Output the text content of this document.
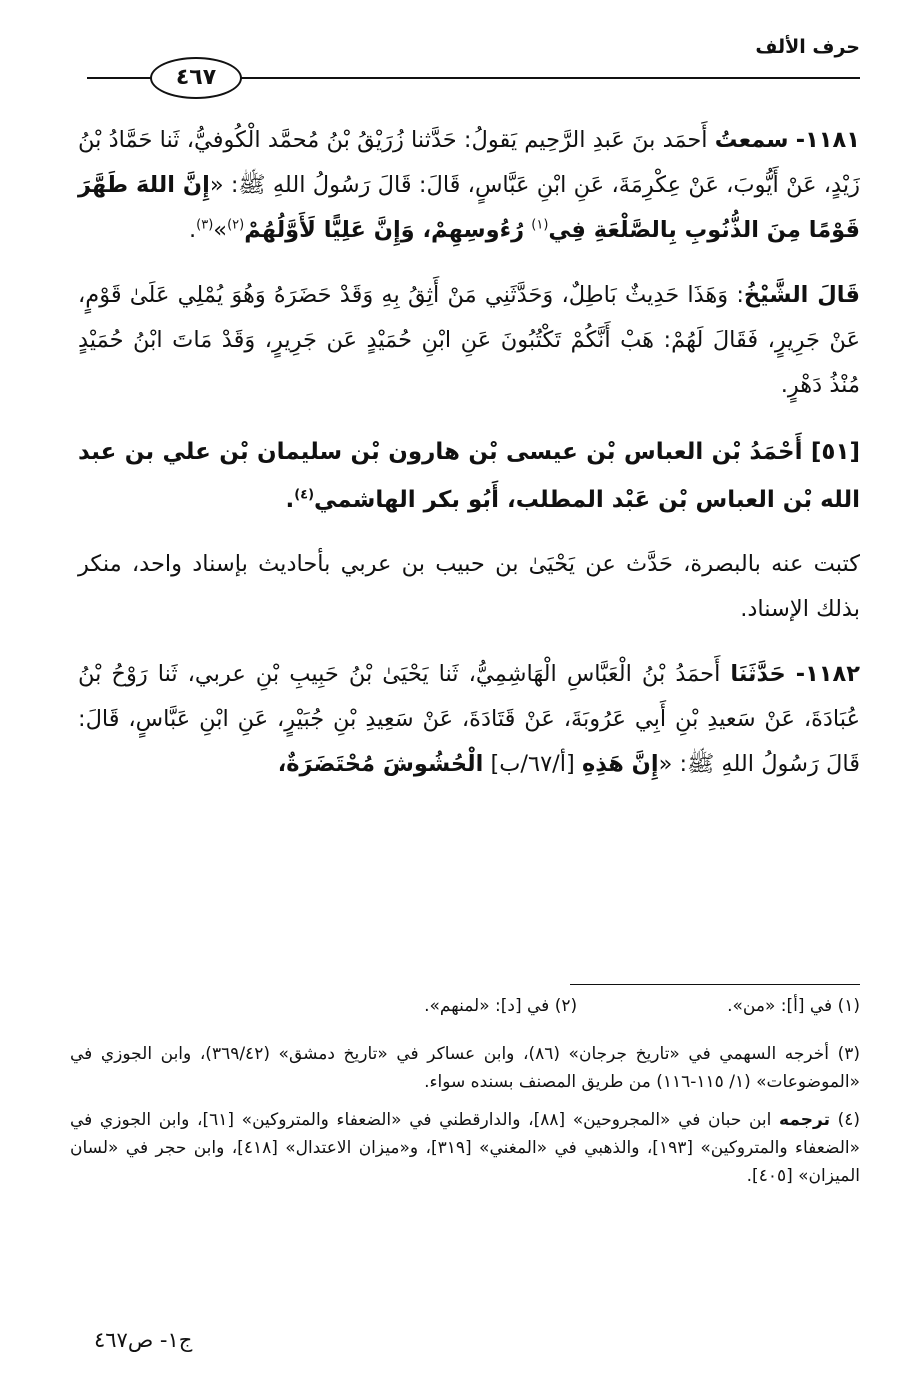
حرف الألف
٤٦٧

١١٨١- سمعتُ أَحمَد بنَ عَبدِ الرَّحِيم يَقولُ: حَدَّثنا زُرَيْقُ بْنُ مُحمَّد الْكُوفيُّ، ثَنا حَمَّادُ بْنُ زَيْدٍ، عَنْ أَيُّوبَ، عَنْ عِكْرِمَةَ، عَنِ ابْنِ عَبَّاسٍ، قَالَ: قَالَ رَسُولُ اللهِ ﷺ: «إِنَّ اللهَ طَهَّرَ قَوْمًا مِنَ الذُّنُوبِ بِالصَّلْعَةِ فِي$^{(١)}$ رُءُوسِهِمْ، وَإِنَّ عَلِيًّا لَأَوَّلُهُمْ$^{(٢)}$»$^{(٣)}$.

قَالَ الشَّيْخُ: وَهَذَا حَدِيثٌ بَاطِلٌ، وَحَدَّثَنِي مَنْ أَثِقُ بِهِ وَقَدْ حَضَرَهُ وَهُوَ يُمْلِي عَلَىٰ قَوْمٍ، عَنْ جَرِيرٍ، فَقَالَ لَهُمْ: هَبْ أَنَّكُمْ تَكْتُبُونَ عَنِ ابْنِ حُمَيْدٍ عَن جَرِيرٍ، وَقَدْ مَاتَ ابْنُ حُمَيْدٍ مُنْذُ دَهْرٍ.

[٥١] أَحْمَدُ بْن العباس بْن عيسى بْن هارون بْن سليمان بْن علي بن عبد الله بْن العباس بْن عَبْد المطلب، أَبُو بكر الهاشمي$^{(٤)}$.

كتبت عنه بالبصرة، حَدَّث عن يَحْيَىٰ بن حبيب بن عربي بأحاديث بإسناد واحد، منكر بذلك الإسناد.

١١٨٢- حَدَّثَنَا أَحمَدُ بْنُ الْعَبَّاسِ الْهَاشِمِيُّ، ثَنا يَحْيَىٰ بْنُ حَبِيبِ بْنِ عربي، ثَنا رَوْحُ بْنُ عُبَادَةَ، عَنْ سَعيدِ بْنِ أَبِي عَرُوبَةَ، عَنْ قَتَادَةَ، عَنْ سَعِيدِ بْنِ جُبَيْرٍ، عَنِ ابْنِ عَبَّاسٍ، قَالَ: قَالَ رَسُولُ اللهِ ﷺ: «إِنَّ هَذِهِ [أ/٦٧/ب] الْحُشُوشَ مُحْتَضَرَةٌ،

(١) في [أ]: «من».
(٢) في [د]: «لمنهم».
(٣) أخرجه السهمي في «تاريخ جرجان» (٨٦)، وابن عساكر في «تاريخ دمشق» (٣٦٩/٤٢)، وابن الجوزي في «الموضوعات» (١/ ١١٥-١١٦) من طريق المصنف بسنده سواء.
(٤) ترجمه ابن حبان في «المجروحين» [٨٨]، والدارقطني في «الضعفاء والمتروكين» [٦١]، وابن الجوزي في «الضعفاء والمتروكين» [١٩٣]، والذهبي في «المغني» [٣١٩]، و«ميزان الاعتدال» [٤١٨]، وابن حجر في «لسان الميزان» [٤٠٥].
ج١- ص٤٦٧
